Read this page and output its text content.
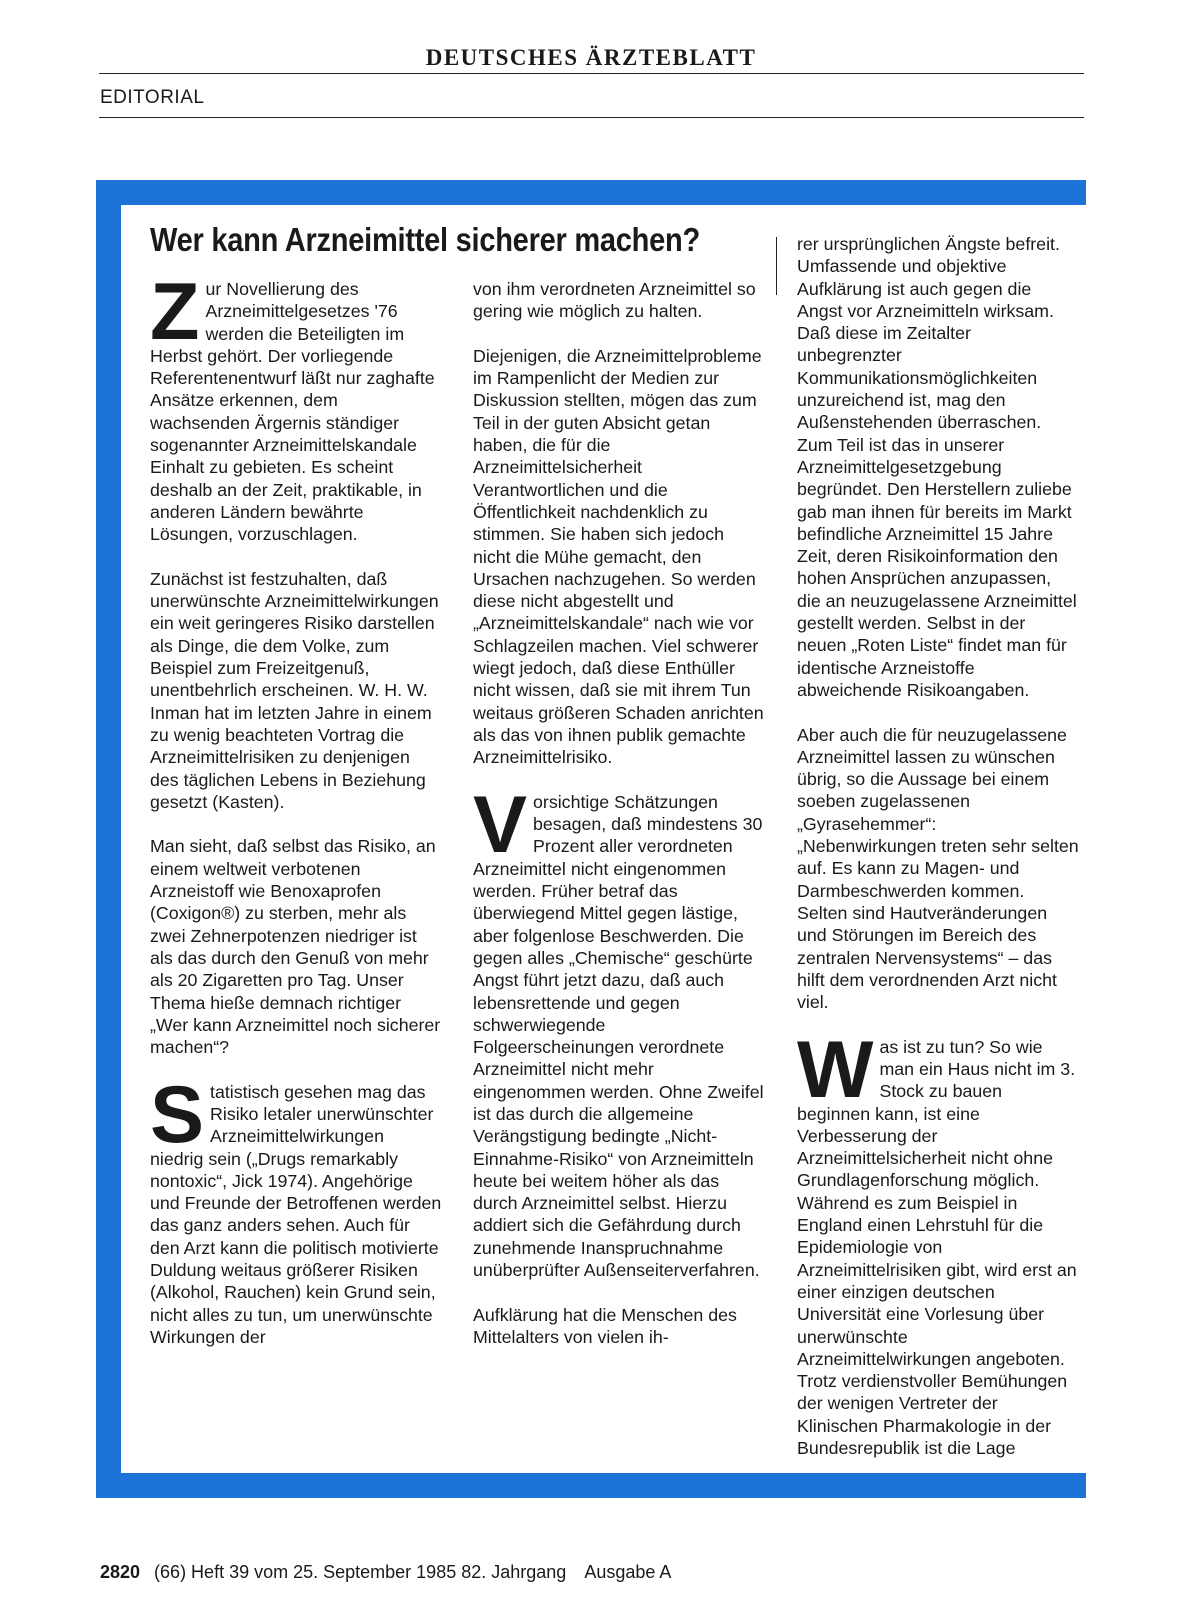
DEUTSCHES ÄRZTEBLATT
EDITORIAL
Wer kann Arzneimittel sicherer machen?

Zur Novellierung des Arzneimittelgesetzes '76 werden die Beteiligten im Herbst gehört. Der vorliegende Referentenentwurf läßt nur zaghafte Ansätze erkennen, dem wachsenden Ärgernis ständiger sogenannter Arzneimittelskandale Einhalt zu gebieten. Es scheint deshalb an der Zeit, praktikable, in anderen Ländern bewährte Lösungen, vorzuschlagen.

Zunächst ist festzuhalten, daß unerwünschte Arzneimittelwirkungen ein weit geringeres Risiko darstellen als Dinge, die dem Volke, zum Beispiel zum Freizeitgenuß, unentbehrlich erscheinen. W. H. W. Inman hat im letzten Jahre in einem zu wenig beachteten Vortrag die Arzneimittelrisiken zu denjenigen des täglichen Lebens in Beziehung gesetzt (Kasten).

Man sieht, daß selbst das Risiko, an einem weltweit verbotenen Arzneistoff wie Benoxaprofen (Coxigon®) zu sterben, mehr als zwei Zehnerpotenzen niedriger ist als das durch den Genuß von mehr als 20 Zigaretten pro Tag. Unser Thema hieße demnach richtiger „Wer kann Arzneimittel noch sicherer machen“?

Statistisch gesehen mag das Risiko letaler unerwünschter Arzneimittelwirkungen niedrig sein („Drugs remarkably nontoxic“, Jick 1974). Angehörige und Freunde der Betroffenen werden das ganz anders sehen. Auch für den Arzt kann die politisch motivierte Duldung weitaus größerer Risiken (Alkohol, Rauchen) kein Grund sein, nicht alles zu tun, um unerwünschte Wirkungen der

von ihm verordneten Arzneimittel so gering wie möglich zu halten.

Diejenigen, die Arzneimittelprobleme im Rampenlicht der Medien zur Diskussion stellten, mögen das zum Teil in der guten Absicht getan haben, die für die Arzneimittelsicherheit Verantwortlichen und die Öffentlichkeit nachdenklich zu stimmen. Sie haben sich jedoch nicht die Mühe gemacht, den Ursachen nachzugehen. So werden diese nicht abgestellt und „Arzneimittelskandale“ nach wie vor Schlagzeilen machen. Viel schwerer wiegt jedoch, daß diese Enthüller nicht wissen, daß sie mit ihrem Tun weitaus größeren Schaden anrichten als das von ihnen publik gemachte Arzneimittelrisiko.

Vorsichtige Schätzungen besagen, daß mindestens 30 Prozent aller verordneten Arzneimittel nicht eingenommen werden. Früher betraf das überwiegend Mittel gegen lästige, aber folgenlose Beschwerden. Die gegen alles „Chemische“ geschürte Angst führt jetzt dazu, daß auch lebensrettende und gegen schwerwiegende Folgeerscheinungen verordnete Arzneimittel nicht mehr eingenommen werden. Ohne Zweifel ist das durch die allgemeine Verängstigung bedingte „Nicht-Einnahme-Risiko“ von Arzneimitteln heute bei weitem höher als das durch Arzneimittel selbst. Hierzu addiert sich die Gefährdung durch zunehmende Inanspruchnahme unüberprüfter Außenseiterverfahren.

Aufklärung hat die Menschen des Mittelalters von vielen ih-

rer ursprünglichen Ängste befreit. Umfassende und objektive Aufklärung ist auch gegen die Angst vor Arzneimitteln wirksam. Daß diese im Zeitalter unbegrenzter Kommunikationsmöglichkeiten unzureichend ist, mag den Außenstehenden überraschen. Zum Teil ist das in unserer Arzneimittelgesetzgebung begründet. Den Herstellern zuliebe gab man ihnen für bereits im Markt befindliche Arzneimittel 15 Jahre Zeit, deren Risikoinformation den hohen Ansprüchen anzupassen, die an neuzugelassene Arzneimittel gestellt werden. Selbst in der neuen „Roten Liste“ findet man für identische Arzneistoffe abweichende Risikoangaben.

Aber auch die für neuzugelassene Arzneimittel lassen zu wünschen übrig, so die Aussage bei einem soeben zugelassenen „Gyrasehemmer“: „Nebenwirkungen treten sehr selten auf. Es kann zu Magen- und Darmbeschwerden kommen. Selten sind Hautveränderungen und Störungen im Bereich des zentralen Nervensystems“ – das hilft dem verordnenden Arzt nicht viel.

Was ist zu tun? So wie man ein Haus nicht im 3. Stock zu bauen beginnen kann, ist eine Verbesserung der Arzneimittelsicherheit nicht ohne Grundlagenforschung möglich. Während es zum Beispiel in England einen Lehrstuhl für die Epidemiologie von Arzneimittelrisiken gibt, wird erst an einer einzigen deutschen Universität eine Vorlesung über unerwünschte Arzneimittelwirkungen angeboten. Trotz verdienstvoller Bemühungen der wenigen Vertreter der Klinischen Pharmakologie in der Bundesrepublik ist die Lage

2820 (66) Heft 39 vom 25. September 1985 82. Jahrgang Ausgabe A
